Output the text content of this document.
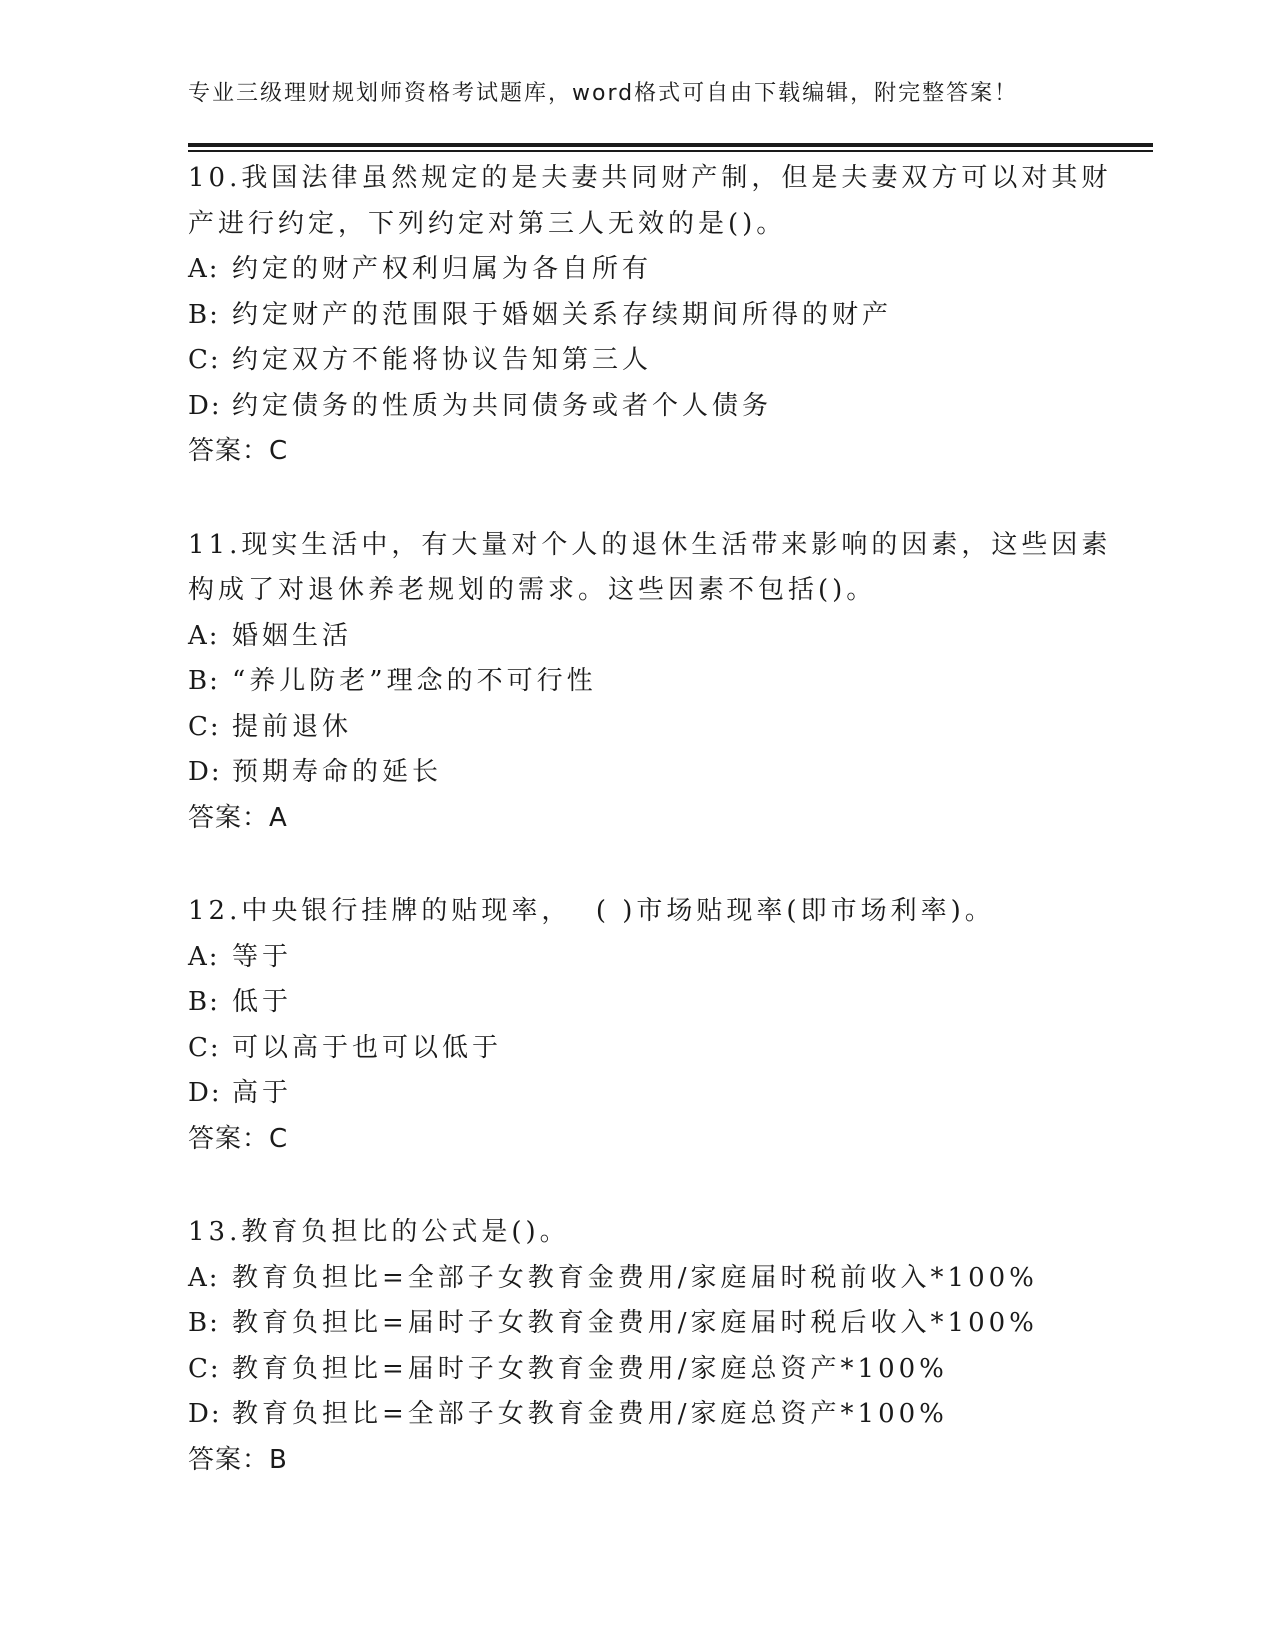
专业三级理财规划师资格考试题库，word格式可自由下载编辑，附完整答案！
10.我国法律虽然规定的是夫妻共同财产制，但是夫妻双方可以对其财
产进行约定，下列约定对第三人无效的是()。
A: 约定的财产权利归属为各自所有
B: 约定财产的范围限于婚姻关系存续期间所得的财产
C: 约定双方不能将协议告知第三人
D: 约定债务的性质为共同债务或者个人债务
答案：C
11.现实生活中，有大量对个人的退休生活带来影响的因素，这些因素
构成了对退休养老规划的需求。这些因素不包括()。
A: 婚姻生活
B: “养儿防老”理念的不可行性
C: 提前退休
D: 预期寿命的延长
答案：A
12.中央银行挂牌的贴现率，  ( )市场贴现率(即市场利率)。
A: 等于
B: 低于
C: 可以高于也可以低于
D: 高于
答案：C
13.教育负担比的公式是()。
A: 教育负担比=全部子女教育金费用/家庭届时税前收入*100%
B: 教育负担比=届时子女教育金费用/家庭届时税后收入*100%
C: 教育负担比=届时子女教育金费用/家庭总资产*100%
D: 教育负担比=全部子女教育金费用/家庭总资产*100%
答案：B
